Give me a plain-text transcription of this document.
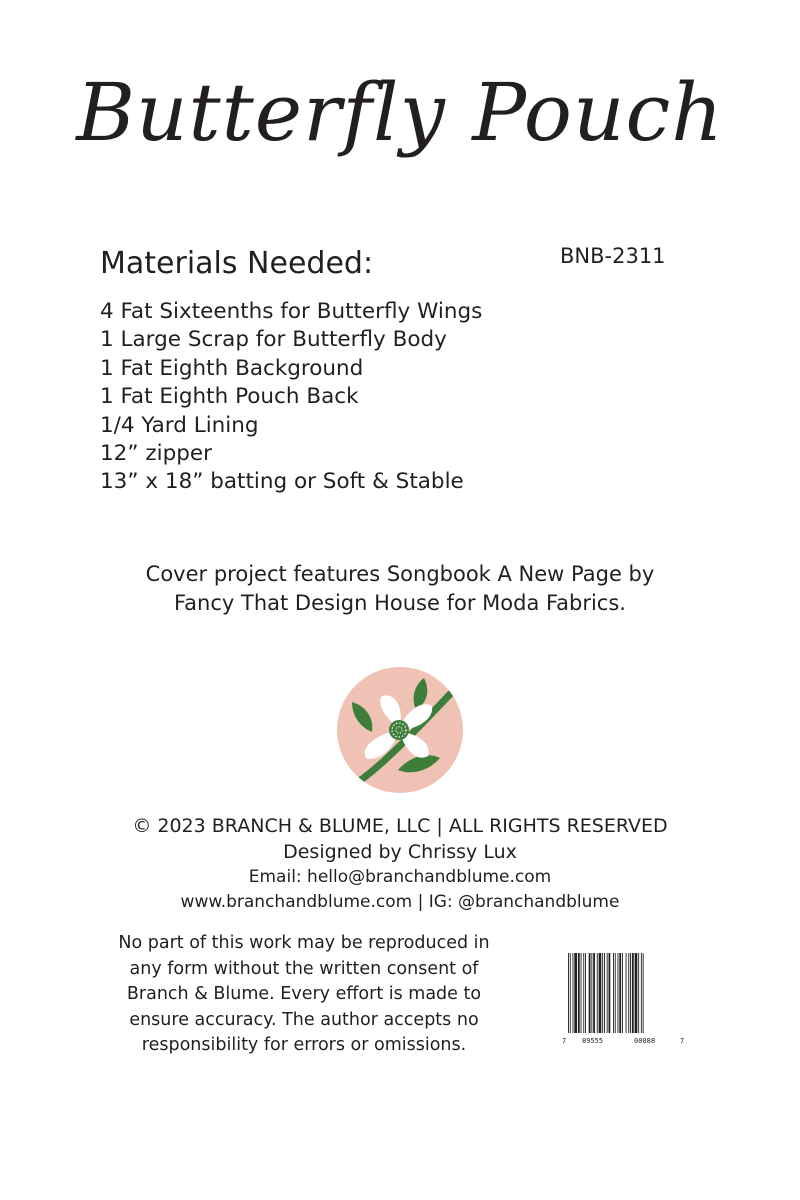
Butterfly Pouch
Materials Needed:	BNB-2311
4 Fat Sixteenths for Butterfly Wings
1 Large Scrap for Butterfly Body
1 Fat Eighth Background
1 Fat Eighth Pouch Back
1/4 Yard Lining
12” zipper
13” x 18” batting or Soft & Stable
Cover project features Songbook A New Page by
Fancy That Design House for Moda Fabrics.
© 2023 BRANCH & BLUME, LLC | ALL RIGHTS RESERVED
Designed by Chrissy Lux
Email: hello@branchandblume.com
www.branchandblume.com | IG: @branchandblume
No part of this work may be reproduced in
any form without the written consent of
Branch & Blume. Every effort is made to
ensure accuracy. The author accepts no
responsibility for errors or omissions.	7 89555	00088	7
